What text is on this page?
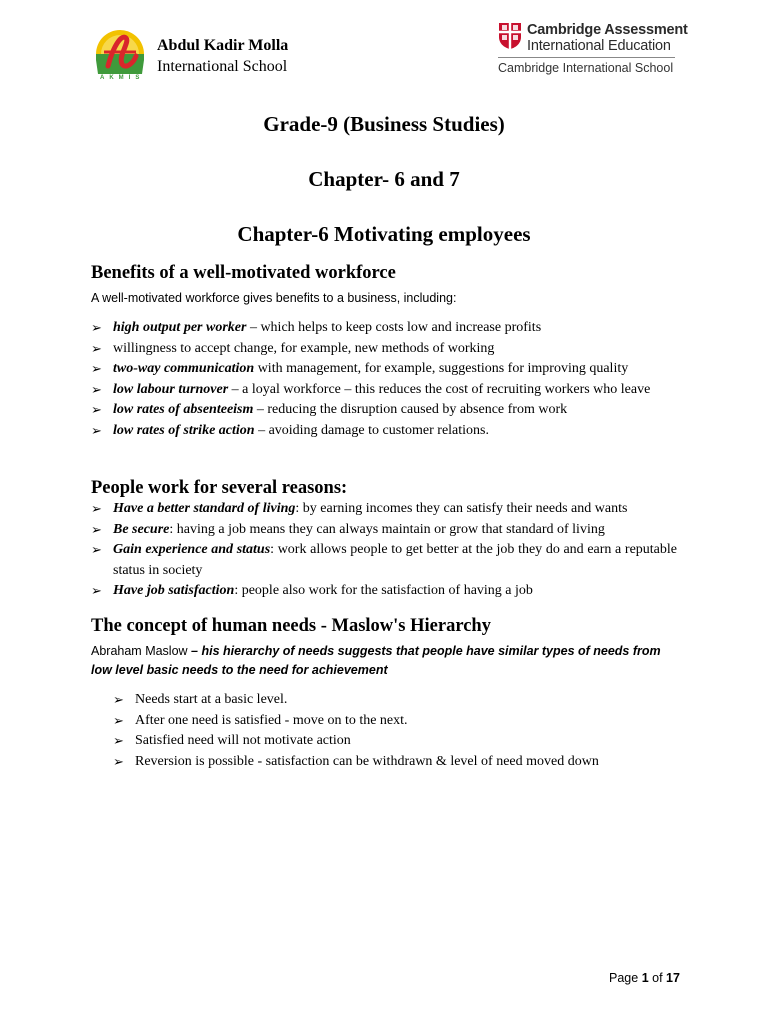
AKMIS
Abdul Kadir Molla
International School
Cambridge Assessment
International Education
Cambridge International School
Grade-9 (Business Studies)
Chapter- 6 and 7
Chapter-6 Motivating employees
Benefits of a well-motivated workforce
A well-motivated workforce gives benefits to a business, including:
➢ high output per worker – which helps to keep costs low and increase profits
➢ willingness to accept change, for example, new methods of working
➢ two-way communication with management, for example, suggestions for improving quality
➢ low labour turnover – a loyal workforce – this reduces the cost of recruiting workers who leave
➢ low rates of absenteeism – reducing the disruption caused by absence from work
➢ low rates of strike action – avoiding damage to customer relations.
People work for several reasons:
➢ Have a better standard of living: by earning incomes they can satisfy their needs and wants
➢ Be secure: having a job means they can always maintain or grow that standard of living
➢ Gain experience and status: work allows people to get better at the job they do and earn a reputable status in society
➢ Have job satisfaction: people also work for the satisfaction of having a job
The concept of human needs - Maslow's Hierarchy
Abraham Maslow – his hierarchy of needs suggests that people have similar types of needs from low level basic needs to the need for achievement
➢ Needs start at a basic level.
➢ After one need is satisfied - move on to the next.
➢ Satisfied need will not motivate action
➢ Reversion is possible - satisfaction can be withdrawn & level of need moved down
Page 1 of 17
